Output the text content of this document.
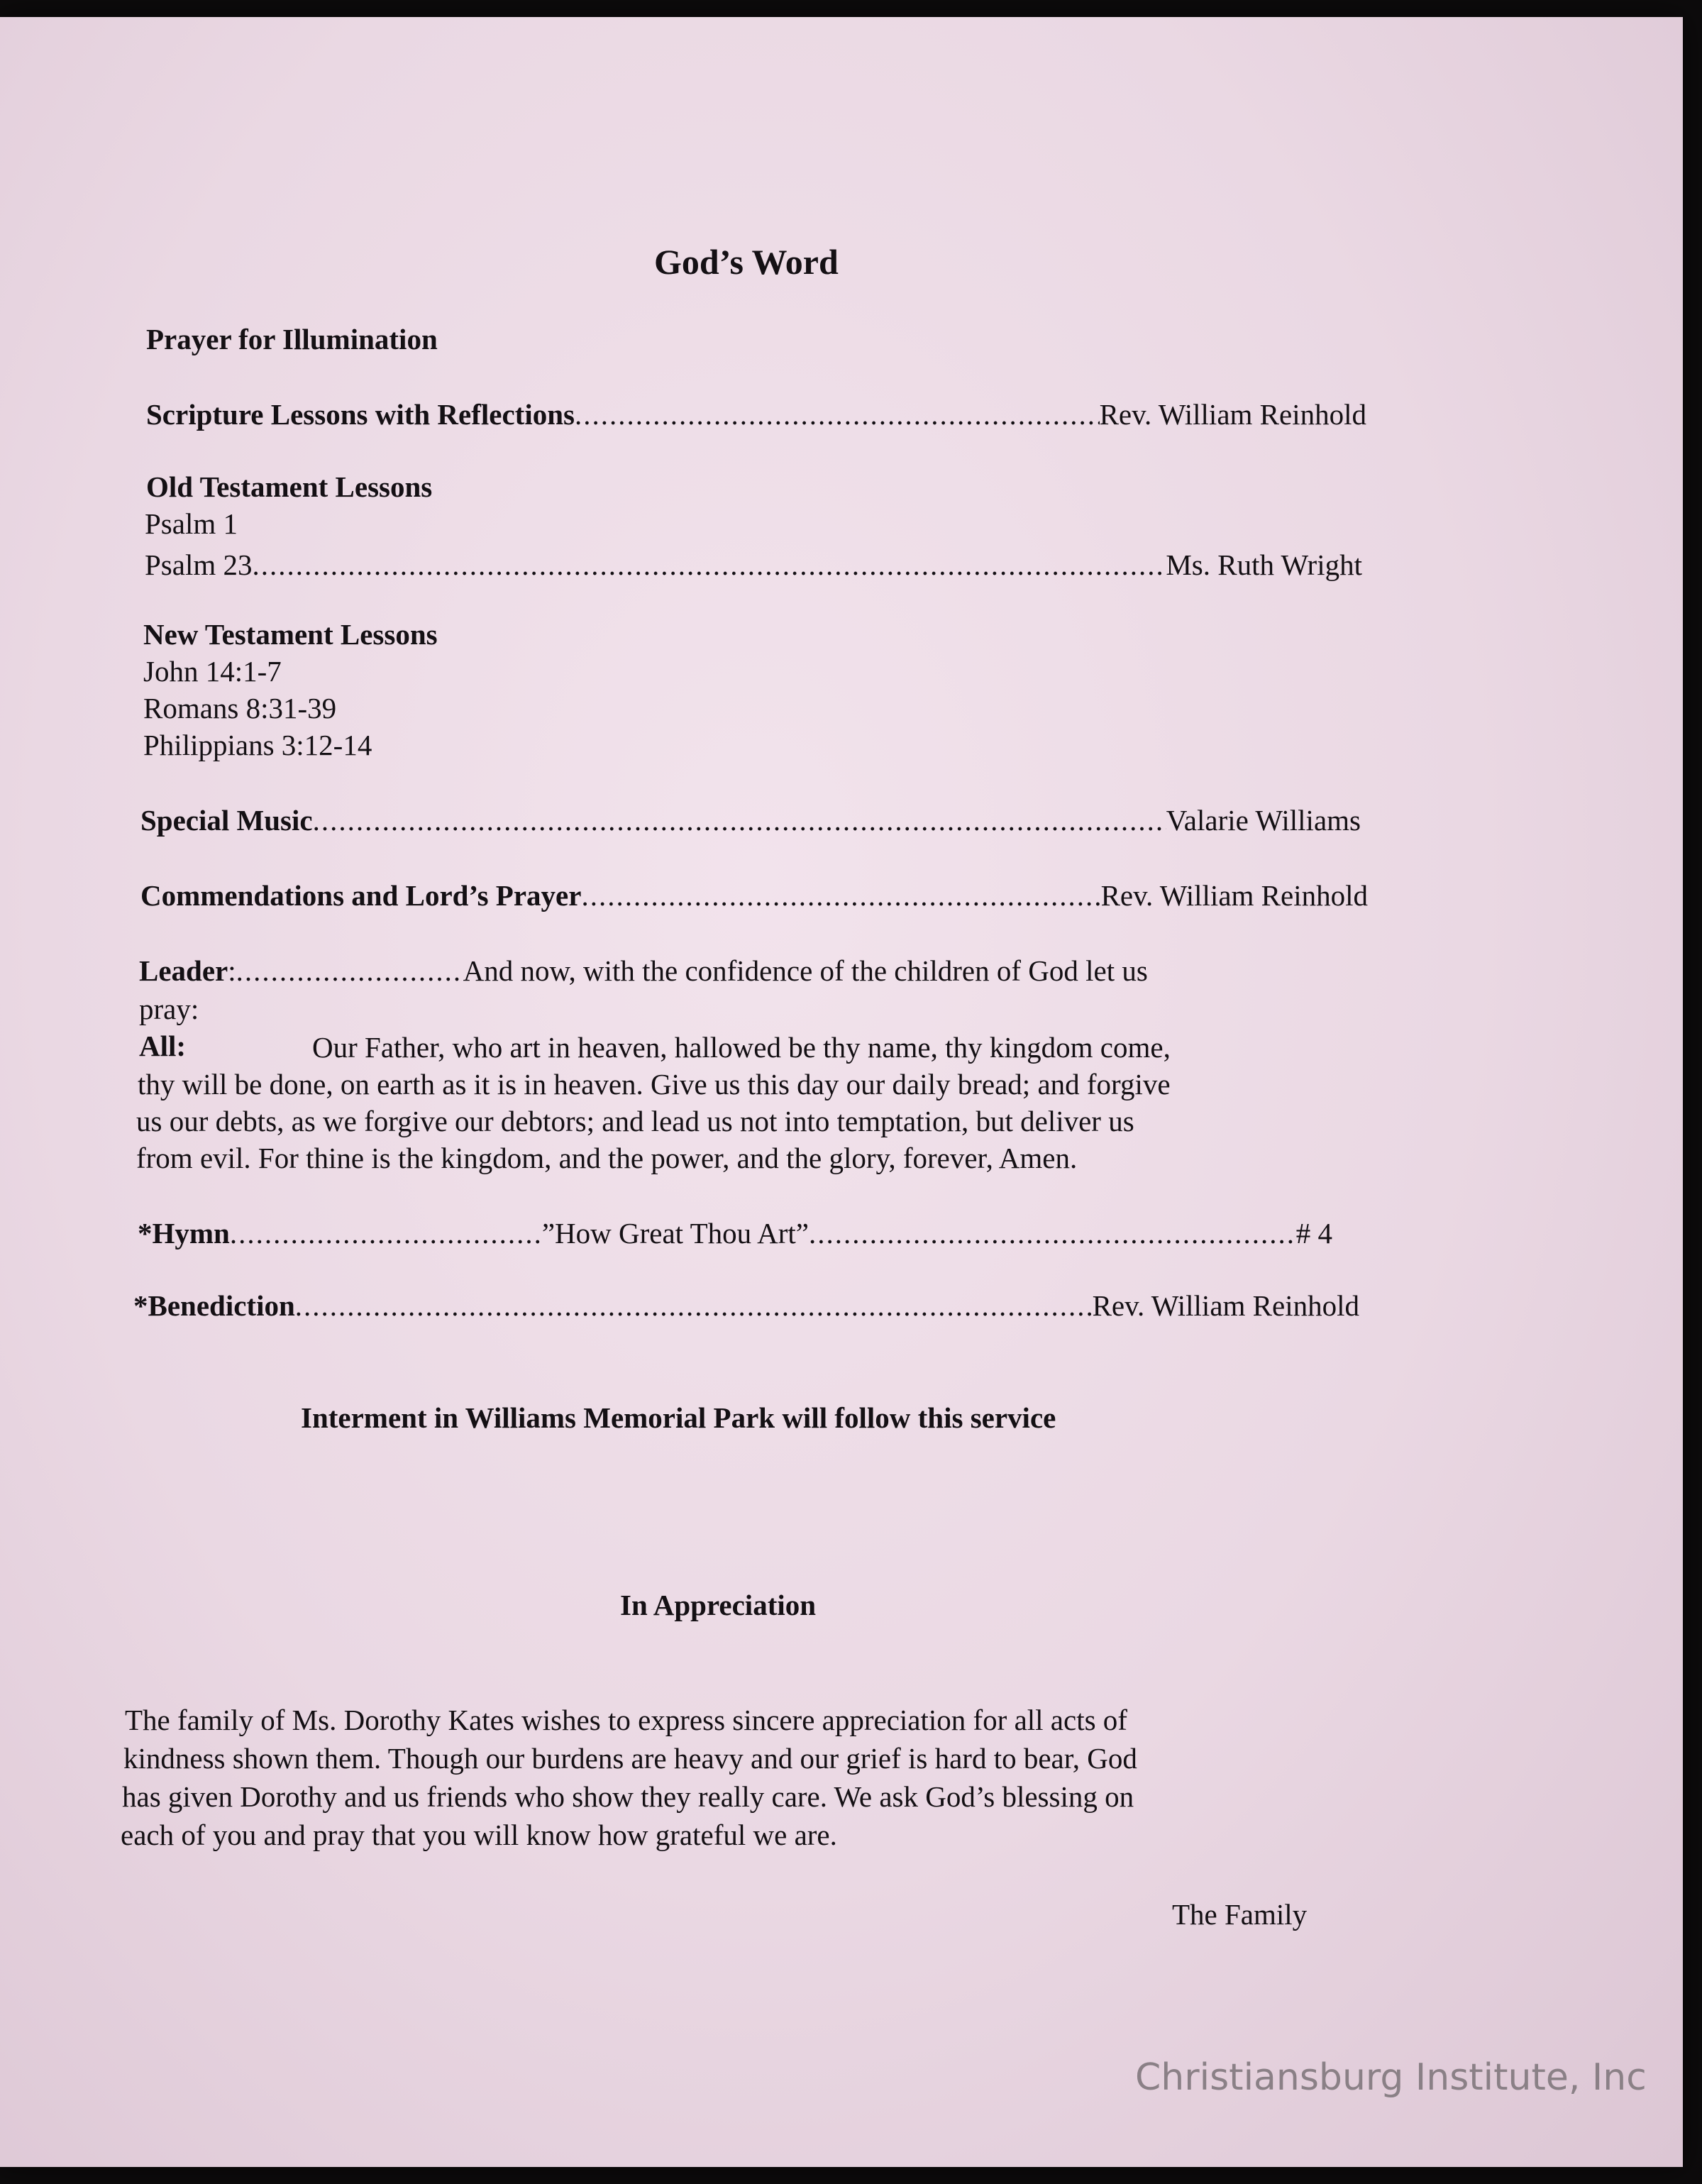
God’s Word
Prayer for Illumination
Scripture Lessons with Reflections .....	Rev. William Reinhold
Old Testament Lessons
Psalm 1
Psalm 23 .....	Ms. Ruth Wright
New Testament Lessons
John 14:1-7
Romans 8:31-39
Philippians 3:12-14
Special Music .....	Valarie Williams
Commendations and Lord’s Prayer .....	Rev. William Reinhold
Leader : .....	And now, with the confidence of the children of God let us
pray:
All:	Our Father, who art in heaven, hallowed be thy name, thy kingdom come,
thy will be done, on earth as it is in heaven. Give us this day our daily bread; and forgive
us our debts, as we forgive our debtors; and lead us not into temptation, but deliver us
from evil. For thine is the kingdom, and the power, and the glory, forever, Amen.
*Hymn .....	”How Great Thou Art” .....	# 4
*Benediction .....	Rev. William Reinhold
Interment in Williams Memorial Park will follow this service
In Appreciation
The family of Ms. Dorothy Kates wishes to express sincere appreciation for all acts of
kindness shown them. Though our burdens are heavy and our grief is hard to bear, God
has given Dorothy and us friends who show they really care. We ask God’s blessing on
each of you and pray that you will know how grateful we are.
The Family
Christiansburg Institute, Inc
